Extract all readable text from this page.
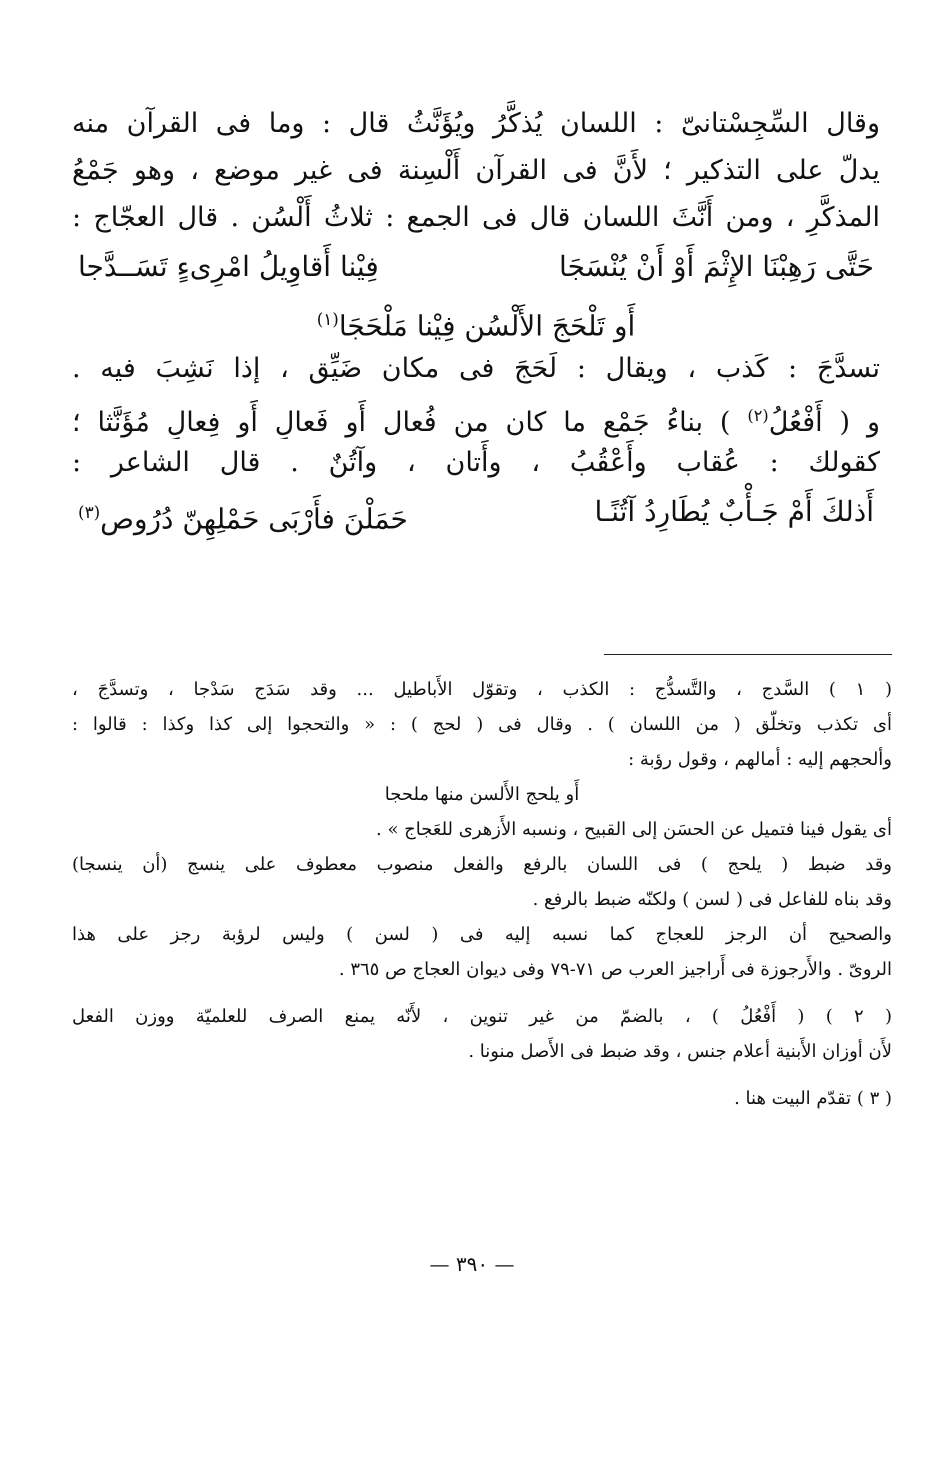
وقال السِّجِسْتانىّ : اللسان يُذكَّرُ ويُؤَنَّثُ قال : وما فى القرآن منه
يدلّ على التذكير ؛ لأَنَّ فى القرآن أَلْسِنة فى غير موضع ، وهو جَمْعُ
المذكَّرِ ، ومن أَنَّثَ اللسان قال فى الجمع : ثلاثُ أَلْسُن . قال العجّاج :
حَتَّى رَهِبْنَا الإِثْمَ أَوْ أَنْ يُنْسَجَا
فِيْنا أَقاوِيلُ امْرِىءٍ تَسَــدَّجا
أَو تَلْحَجَ الأَلْسُن فِيْنا مَلْحَجَا$^{(١)}$
تسدَّجَ : كَذب ، ويقال : لَحَجَ فى مكان ضَيِّق ، إذا نَشِبَ فيه .
و ( أَفْعُلُ$^{(٢)}$ ) بناءُ جَمْعِ ما كان من فُعال أَو فَعالٍ أَو فِعالٍ مُؤَنَّثا ؛
كقولك : عُقاب وأَعْقُبُ ، وأَتان ، وآتُنٌ . قال الشاعر :
أَذلكَ أَمْ جَـأْبٌ يُطَارِدُ آتُنًـا
حَمَلْنَ فأَرْبَى حَمْلِهِنّ دُرُوص$^{(٣)}$
( ١ ) السَّدج ، والتَّسدُّج : الكذب ، وتقوّل الأَباطيل ... وقد سَدَج سَدْجا ، وتسدَّجَ ،
أى تكذب وتخلّق ( من اللسان ) . وقال فى ( لحج ) : « والتحجوا إلى كذا وكذا : قالوا :
وألحجهم إليه : أمالهم ، وقول رؤبة :
أَو يلحج الأَلسن منها ملحجا
أى يقول فينا فتميل عن الحسَن إلى القبيح ، ونسبه الأَزهرى للعَجاج » .
وقد ضبط ( يلحج ) فى اللسان بالرفع والفعل منصوب معطوف على ينسج (أن ينسجا)
وقد بناه للفاعل فى ( لسن ) ولكنّه ضبط بالرفع .
والصحيح أن الرجز للعجاج كما نسبه إليه فى ( لسن ) وليس لرؤبة رجز على هذا
الروىّ . والأَرجوزة فى أَراجيز العرب ص ٧١-٧٩ وفى ديوان العجاج ص ٣٦٥ .
( ٢ ) ( أَفْعُلُ ) ، بالضمّ من غير تنوين ، لأَنّه يمنع الصرف للعلميّة ووزن الفعل
لأَن أوزان الأَبنية أعلام جنس ، وقد ضبط فى الأَصل منونا .
( ٣ ) تقدّم البيت هنا .
— ٣٩٠ —
